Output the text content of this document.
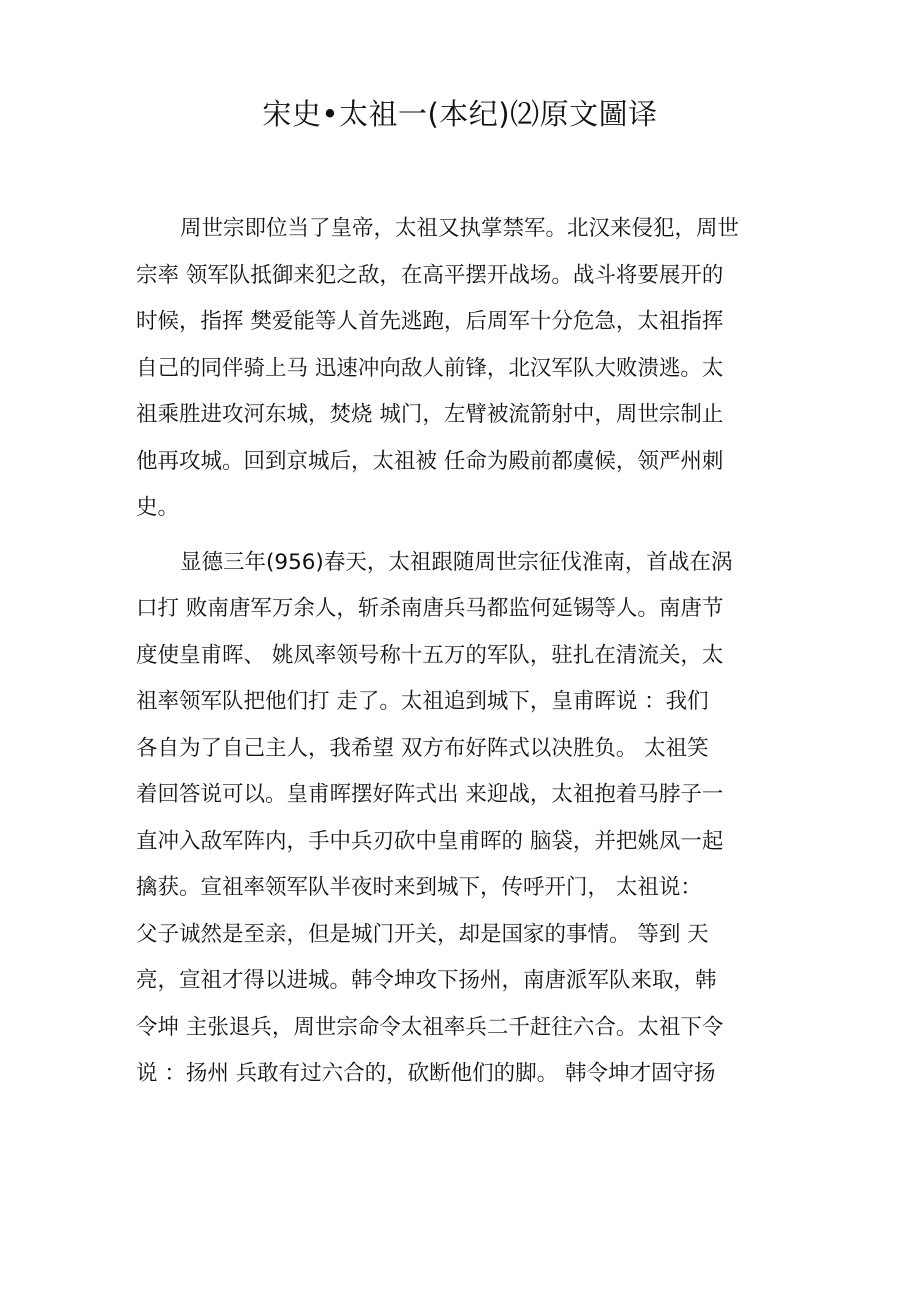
宋史•太祖一(本纪)⑵原文圖译
周世宗即位当了皇帝，太祖又执掌禁军。北汉来侵犯，周世
宗率 领军队抵御来犯之敌，在高平摆开战场。战斗将要展开的
时候，指挥 樊爱能等人首先逃跑，后周军十分危急，太祖指挥
自己的同伴骑上马 迅速冲向敌人前锋，北汉军队大败溃逃。太
祖乘胜进攻河东城，焚烧 城门，左臂被流箭射中，周世宗制止
他再攻城。回到京城后，太祖被 任命为殿前都虞候，领严州刺
史。
显德三年(956)春天，太祖跟随周世宗征伐淮南，首战在涡
口打 败南唐军万余人，斩杀南唐兵马都监何延锡等人。南唐节
度使皇甫晖、 姚凤率领号称十五万的军队，驻扎在清流关，太
祖率领军队把他们打 走了。太祖追到城下，皇甫晖说 ：我们
各自为了自己主人，我希望 双方布好阵式以决胜负。 太祖笑
着回答说可以。皇甫晖摆好阵式出 来迎战，太祖抱着马脖子一
直冲入敌军阵内，手中兵刃砍中皇甫晖的 脑袋，并把姚凤一起
擒获。宣祖率领军队半夜时来到城下，传呼开门， 太祖说：
父子诚然是至亲，但是城门开关，却是国家的事情。 等到 天
亮，宣祖才得以进城。韩令坤攻下扬州，南唐派军队来取，韩
令坤 主张退兵，周世宗命令太祖率兵二千赶往六合。太祖下令
说 ：扬州 兵敢有过六合的，砍断他们的脚。 韩令坤才固守扬
